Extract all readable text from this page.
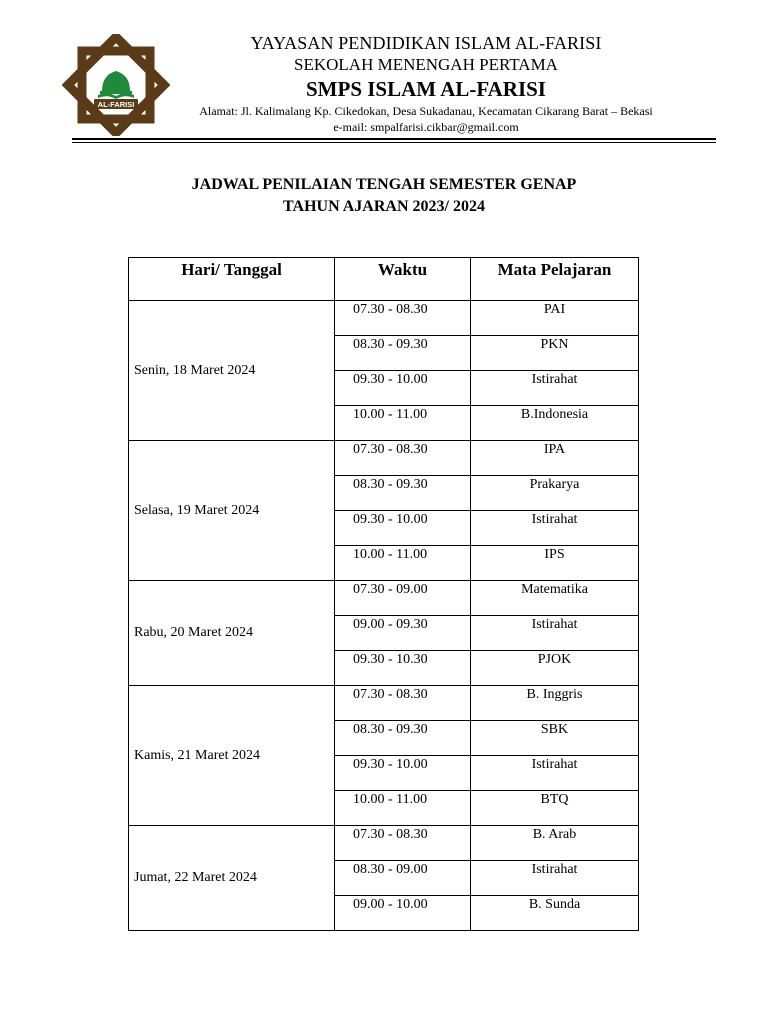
AL-FARISI
YAYASAN PENDIDIKAN ISLAM AL-FARISI
SEKOLAH MENENGAH PERTAMA
SMPS ISLAM AL-FARISI
Alamat: Jl. Kalimalang Kp. Cikedokan, Desa Sukadanau, Kecamatan Cikarang Barat – Bekasi
e-mail: smpalfarisi.cikbar@gmail.com
JADWAL PENILAIAN TENGAH SEMESTER GENAP
TAHUN AJARAN 2023/ 2024
Hari/ Tanggal	Waktu	Mata Pelajaran
Senin, 18 Maret 2024	07.30 - 08.30	PAI
	08.30 - 09.30	PKN
	09.30 - 10.00	Istirahat
	10.00 - 11.00	B.Indonesia
Selasa, 19 Maret 2024	07.30 - 08.30	IPA
	08.30 - 09.30	Prakarya
	09.30 - 10.00	Istirahat
	10.00 - 11.00	IPS
Rabu, 20 Maret 2024	07.30 - 09.00	Matematika
	09.00 - 09.30	Istirahat
	09.30 - 10.30	PJOK
Kamis, 21 Maret 2024	07.30 - 08.30	B. Inggris
	08.30 - 09.30	SBK
	09.30 - 10.00	Istirahat
	10.00 - 11.00	BTQ
Jumat, 22 Maret 2024	07.30 - 08.30	B. Arab
	08.30 - 09.00	Istirahat
	09.00 - 10.00	B. Sunda
